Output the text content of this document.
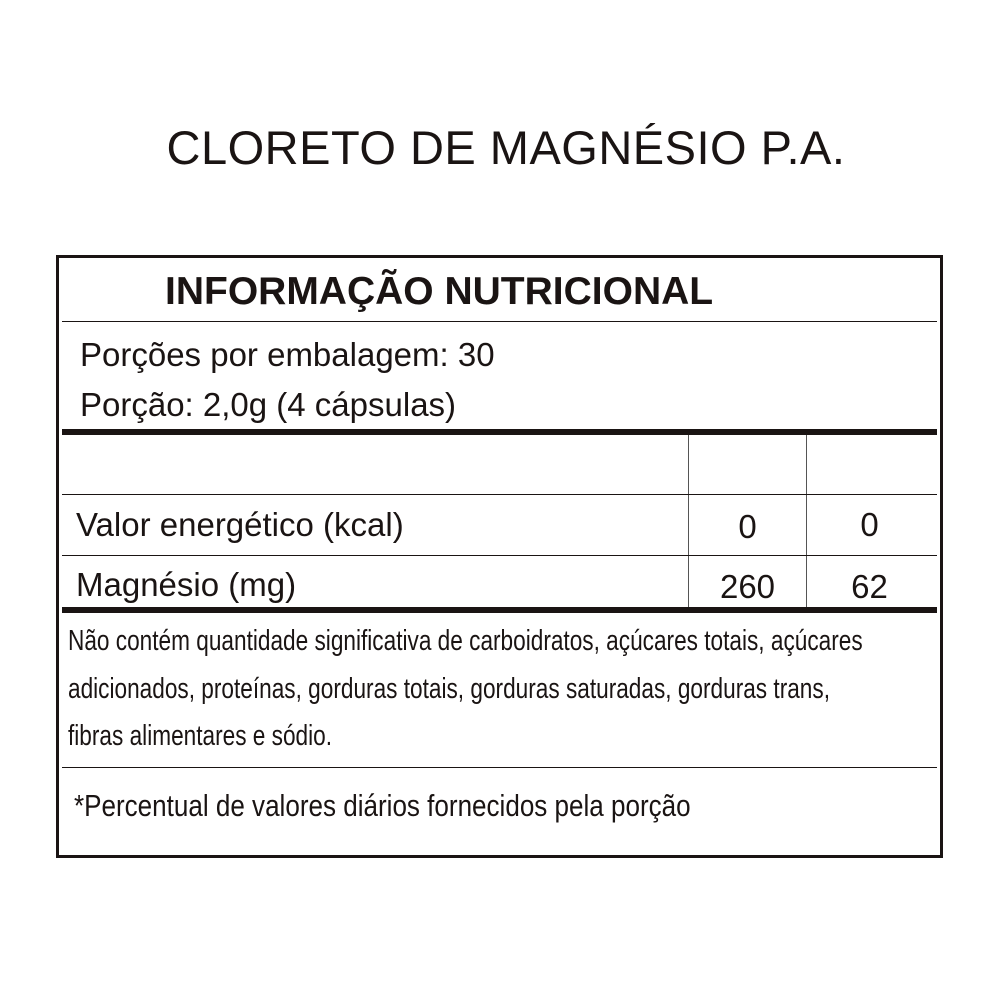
CLORETO DE MAGNÉSIO P.A.
INFORMAÇÃO NUTRICIONAL
Porções por embalagem: 30
Porção: 2,0g (4 cápsulas)
Valor energético (kcal)	0	0
Magnésio (mg)	260	62
Não contém quantidade significativa de carboidratos, açúcares totais, açúcares
adicionados, proteínas, gorduras totais, gorduras saturadas, gorduras trans,
fibras alimentares e sódio.
*Percentual de valores diários fornecidos pela porção
